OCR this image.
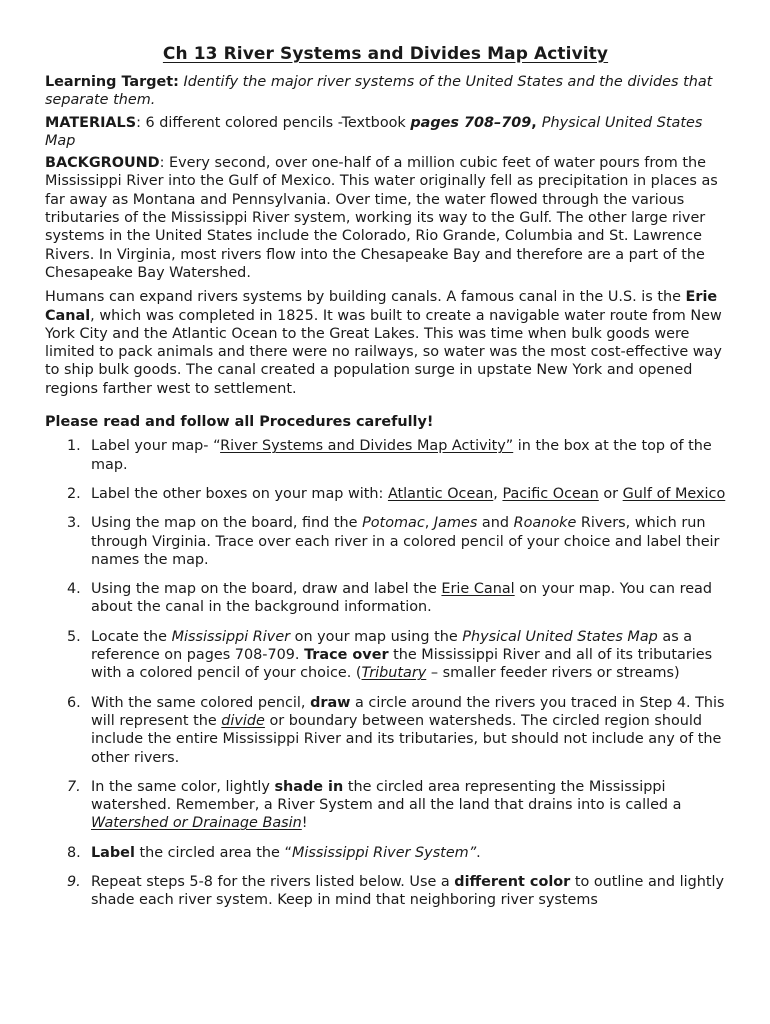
Ch 13 River Systems and Divides Map Activity

Learning Target: Identify the major river systems of the United States and the divides that separate them.

MATERIALS: 6 different colored pencils -Textbook pages 708–709, Physical United States Map

BACKGROUND: Every second, over one-half of a million cubic feet of water pours from the Mississippi River into the Gulf of Mexico. This water originally fell as precipitation in places as far away as Montana and Pennsylvania. Over time, the water flowed through the various tributaries of the Mississippi River system, working its way to the Gulf. The other large river systems in the United States include the Colorado, Rio Grande, Columbia and St. Lawrence Rivers. In Virginia, most rivers flow into the Chesapeake Bay and therefore are a part of the Chesapeake Bay Watershed.

Humans can expand rivers systems by building canals. A famous canal in the U.S. is the Erie Canal, which was completed in 1825. It was built to create a navigable water route from New York City and the Atlantic Ocean to the Great Lakes. This was time when bulk goods were limited to pack animals and there were no railways, so water was the most cost-effective way to ship bulk goods. The canal created a population surge in upstate New York and opened regions farther west to settlement.

Please read and follow all Procedures carefully!

1. Label your map- “River Systems and Divides Map Activity” in the box at the top of the map.
2. Label the other boxes on your map with: Atlantic Ocean, Pacific Ocean or Gulf of Mexico
3. Using the map on the board, find the Potomac, James and Roanoke Rivers, which run through Virginia. Trace over each river in a colored pencil of your choice and label their names the map.
4. Using the map on the board, draw and label the Erie Canal on your map. You can read about the canal in the background information.
5. Locate the Mississippi River on your map using the Physical United States Map as a reference on pages 708-709. Trace over the Mississippi River and all of its tributaries with a colored pencil of your choice. (Tributary – smaller feeder rivers or streams)
6. With the same colored pencil, draw a circle around the rivers you traced in Step 4. This will represent the divide or boundary between watersheds. The circled region should include the entire Mississippi River and its tributaries, but should not include any of the other rivers.
7. In the same color, lightly shade in the circled area representing the Mississippi watershed. Remember, a River System and all the land that drains into is called a Watershed or Drainage Basin!
8. Label the circled area the “Mississippi River System”.
9. Repeat steps 5-8 for the rivers listed below. Use a different color to outline and lightly shade each river system. Keep in mind that neighboring river systems
